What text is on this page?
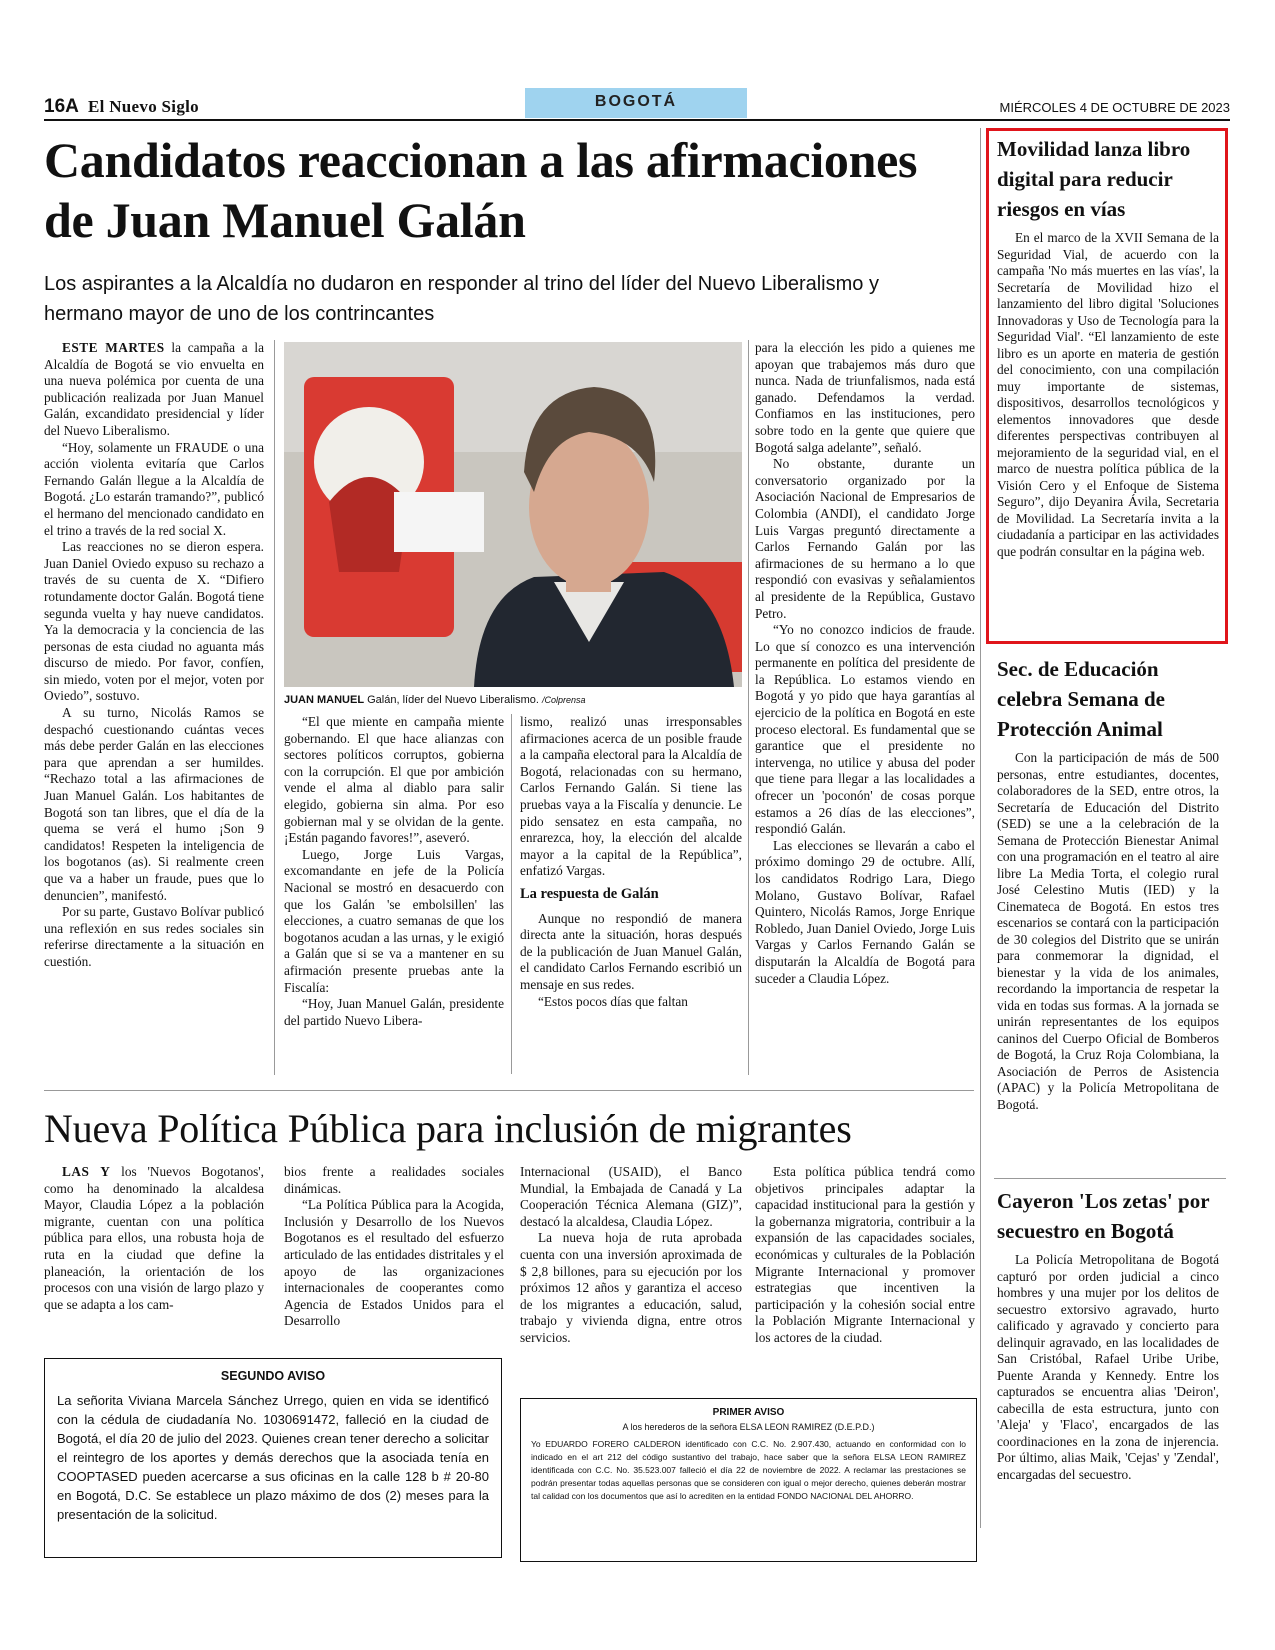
16A El Nuevo Siglo	BOGOTÁ	MIÉRCOLES 4 DE OCTUBRE DE 2023
Candidatos reaccionan a las afirmaciones de Juan Manuel Galán
Los aspirantes a la Alcaldía no dudaron en responder al trino del líder del Nuevo Liberalismo y hermano mayor de uno de los contrincantes

ESTE MARTES la campaña a la Alcaldía de Bogotá se vio envuelta en una nueva polémica por cuenta de una publicación realizada por Juan Manuel Galán, excandidato presidencial y líder del Nuevo Liberalismo.

“Hoy, solamente un FRAUDE o una acción violenta evitaría que Carlos Fernando Galán llegue a la Alcaldía de Bogotá. ¿Lo estarán tramando?”, publicó el hermano del mencionado candidato en el trino a través de la red social X.

Las reacciones no se dieron espera. Juan Daniel Oviedo expuso su rechazo a través de su cuenta de X. “Difiero rotundamente doctor Galán. Bogotá tiene segunda vuelta y hay nueve candidatos. Ya la democracia y la conciencia de las personas de esta ciudad no aguanta más discurso de miedo. Por favor, confíen, sin miedo, voten por el mejor, voten por Oviedo”, sostuvo.

A su turno, Nicolás Ramos se despachó cuestionando cuántas veces más debe perder Galán en las elecciones para que aprendan a ser humildes. “Rechazo total a las afirmaciones de Juan Manuel Galán. Los habitantes de Bogotá son tan libres, que el día de la quema se verá el humo ¡Son 9 candidatos! Respeten la inteligencia de los bogotanos (as). Si realmente creen que va a haber un fraude, pues que lo denuncien”, manifestó.

Por su parte, Gustavo Bolívar publicó una reflexión en sus redes sociales sin referirse directamente a la situación en cuestión.

JUAN MANUEL Galán, líder del Nuevo Liberalismo. /Colprensa

“El que miente en campaña miente gobernando. El que hace alianzas con sectores políticos corruptos, gobierna con la corrupción. El que por ambición vende el alma al diablo para salir elegido, gobierna sin alma. Por eso gobiernan mal y se olvidan de la gente. ¡Están pagando favores!”, aseveró.

Luego, Jorge Luis Vargas, excomandante en jefe de la Policía Nacional se mostró en desacuerdo con que los Galán 'se embolsillen' las elecciones, a cuatro semanas de que los bogotanos acudan a las urnas, y le exigió a Galán que si se va a mantener en su afirmación presente pruebas ante la Fiscalía:

“Hoy, Juan Manuel Galán, presidente del partido Nuevo Libera-

lismo, realizó unas irresponsables afirmaciones acerca de un posible fraude a la campaña electoral para la Alcaldía de Bogotá, relacionadas con su hermano, Carlos Fernando Galán. Si tiene las pruebas vaya a la Fiscalía y denuncie. Le pido sensatez en esta campaña, no enrarezca, hoy, la elección del alcalde mayor a la capital de la República”, enfatizó Vargas.

La respuesta de Galán

Aunque no respondió de manera directa ante la situación, horas después de la publicación de Juan Manuel Galán, el candidato Carlos Fernando escribió un mensaje en sus redes.

“Estos pocos días que faltan

para la elección les pido a quienes me apoyan que trabajemos más duro que nunca. Nada de triunfalismos, nada está ganado. Defendamos la verdad. Confiamos en las instituciones, pero sobre todo en la gente que quiere que Bogotá salga adelante”, señaló.

No obstante, durante un conversatorio organizado por la Asociación Nacional de Empresarios de Colombia (ANDI), el candidato Jorge Luis Vargas preguntó directamente a Carlos Fernando Galán por las afirmaciones de su hermano a lo que respondió con evasivas y señalamientos al presidente de la República, Gustavo Petro.

“Yo no conozco indicios de fraude. Lo que sí conozco es una intervención permanente en política del presidente de la República. Lo estamos viendo en Bogotá y yo pido que haya garantías al ejercicio de la política en Bogotá en este proceso electoral. Es fundamental que se garantice que el presidente no intervenga, no utilice y abusa del poder que tiene para llegar a las localidades a ofrecer un 'poconón' de cosas porque estamos a 26 días de las elecciones”, respondió Galán.

Las elecciones se llevarán a cabo el próximo domingo 29 de octubre. Allí, los candidatos Rodrigo Lara, Diego Molano, Gustavo Bolívar, Rafael Quintero, Nicolás Ramos, Jorge Enrique Robledo, Juan Daniel Oviedo, Jorge Luis Vargas y Carlos Fernando Galán se disputarán la Alcaldía de Bogotá para suceder a Claudia López.

Nueva Política Pública para inclusión de migrantes

LAS Y los 'Nuevos Bogotanos', como ha denominado la alcaldesa Mayor, Claudia López a la población migrante, cuentan con una política pública para ellos, una robusta hoja de ruta en la ciudad que define la planeación, la orientación de los procesos con una visión de largo plazo y que se adapta a los cam-

bios frente a realidades sociales dinámicas.

“La Política Pública para la Acogida, Inclusión y Desarrollo de los Nuevos Bogotanos es el resultado del esfuerzo articulado de las entidades distritales y el apoyo de las organizaciones internacionales de cooperantes como Agencia de Estados Unidos para el Desarrollo

Internacional (USAID), el Banco Mundial, la Embajada de Canadá y La Cooperación Técnica Alemana (GIZ)”, destacó la alcaldesa, Claudia López.

La nueva hoja de ruta aprobada cuenta con una inversión aproximada de $ 2,8 billones, para su ejecución por los próximos 12 años y garantiza el acceso de los migrantes a educación, salud, trabajo y vivienda digna, entre otros servicios.

Esta política pública tendrá como objetivos principales adaptar la capacidad institucional para la gestión y la gobernanza migratoria, contribuir a la expansión de las capacidades sociales, económicas y culturales de la Población Migrante Internacional y promover estrategias que incentiven la participación y la cohesión social entre la Población Migrante Internacional y los actores de la ciudad.

SEGUNDO AVISO
La señorita Viviana Marcela Sánchez Urrego, quien en vida se identificó con la cédula de ciudadanía No. 1030691472, falleció en la ciudad de Bogotá, el día 20 de julio del 2023. Quienes crean tener derecho a solicitar el reintegro de los aportes y demás derechos que la asociada tenía en COOPTASED pueden acercarse a sus oficinas en la calle 128 b # 20-80 en Bogotá, D.C. Se establece un plazo máximo de dos (2) meses para la presentación de la solicitud.
PRIMER AVISO
A los herederos de la señora ELSA LEON RAMIREZ (D.E.P.D.)
Yo EDUARDO FORERO CALDERON identificado con C.C. No. 2.907.430, actuando en conformidad con lo indicado en el art 212 del código sustantivo del trabajo, hace saber que la señora ELSA LEON RAMIREZ identificada con C.C. No. 35.523.007 falleció el día 22 de noviembre de 2022. A reclamar las prestaciones se podrán presentar todas aquellas personas que se consideren con igual o mejor derecho, quienes deberán mostrar tal calidad con los documentos que así lo acrediten en la entidad FONDO NACIONAL DEL AHORRO.
Movilidad lanza libro digital para reducir riesgos en vías

En el marco de la XVII Semana de la Seguridad Vial, de acuerdo con la campaña 'No más muertes en las vías', la Secretaría de Movilidad hizo el lanzamiento del libro digital 'Soluciones Innovadoras y Uso de Tecnología para la Seguridad Vial'. “El lanzamiento de este libro es un aporte en materia de gestión del conocimiento, con una compilación muy importante de sistemas, dispositivos, desarrollos tecnológicos y elementos innovadores que desde diferentes perspectivas contribuyen al mejoramiento de la seguridad vial, en el marco de nuestra política pública de la Visión Cero y el Enfoque de Sistema Seguro”, dijo Deyanira Ávila, Secretaria de Movilidad. La Secretaría invita a la ciudadanía a participar en las actividades que podrán consultar en la página web.

Sec. de Educación celebra Semana de Protección Animal

Con la participación de más de 500 personas, entre estudiantes, docentes, colaboradores de la SED, entre otros, la Secretaría de Educación del Distrito (SED) se une a la celebración de la Semana de Protección Bienestar Animal con una programación en el teatro al aire libre La Media Torta, el colegio rural José Celestino Mutis (IED) y la Cinemateca de Bogotá. En estos tres escenarios se contará con la participación de 30 colegios del Distrito que se unirán para conmemorar la dignidad, el bienestar y la vida de los animales, recordando la importancia de respetar la vida en todas sus formas. A la jornada se unirán representantes de los equipos caninos del Cuerpo Oficial de Bomberos de Bogotá, la Cruz Roja Colombiana, la Asociación de Perros de Asistencia (APAC) y la Policía Metropolitana de Bogotá.

Cayeron 'Los zetas' por secuestro en Bogotá

La Policía Metropolitana de Bogotá capturó por orden judicial a cinco hombres y una mujer por los delitos de secuestro extorsivo agravado, hurto calificado y agravado y concierto para delinquir agravado, en las localidades de San Cristóbal, Rafael Uribe Uribe, Puente Aranda y Kennedy. Entre los capturados se encuentra alias 'Deiron', cabecilla de esta estructura, junto con 'Aleja' y 'Flaco', encargados de las coordinaciones en la zona de injerencia. Por último, alias Maik, 'Cejas' y 'Zendal', encargadas del secuestro.
